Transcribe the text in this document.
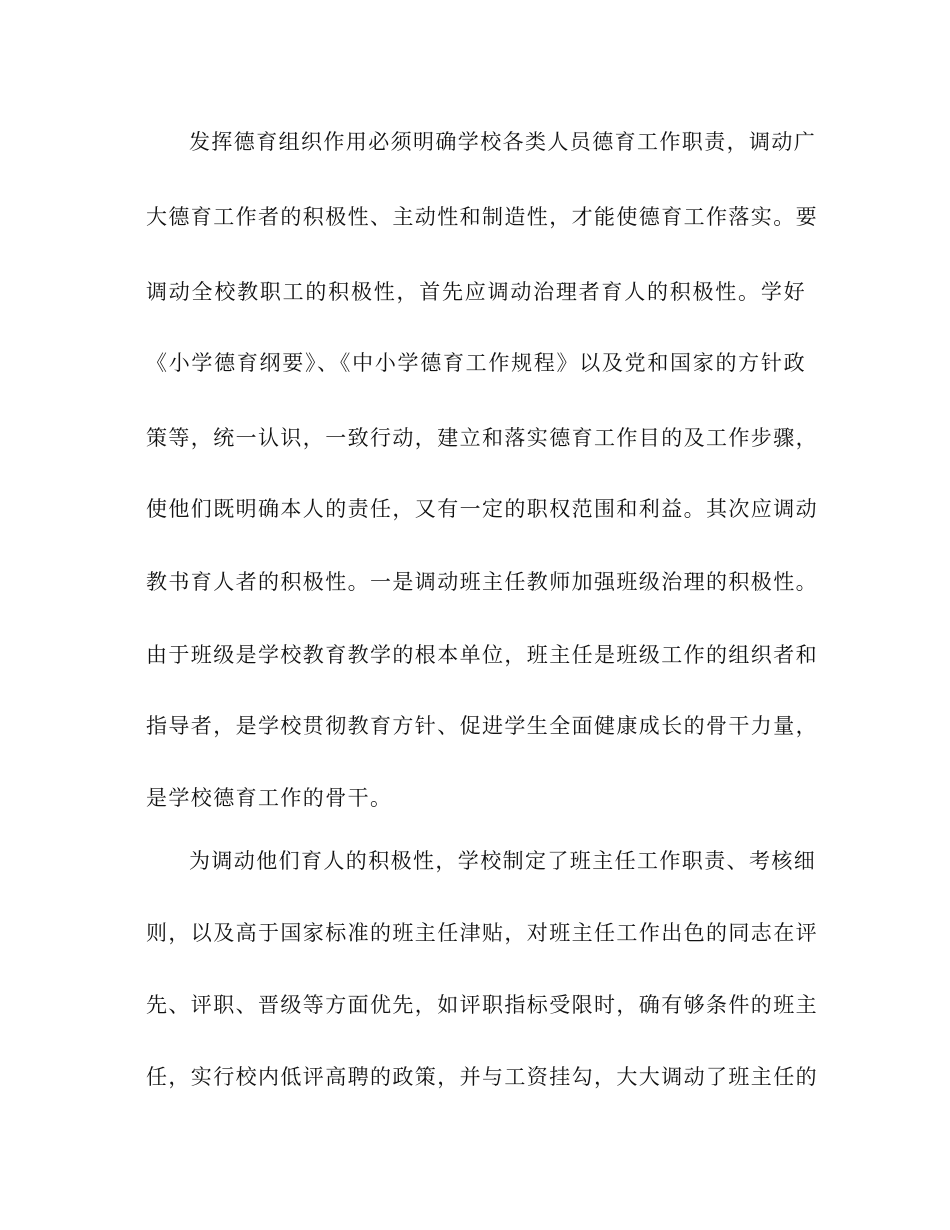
发挥德育组织作用必须明确学校各类人员德育工作职责，调动广

大德育工作者的积极性、主动性和制造性，才能使德育工作落实。要

调动全校教职工的积极性，首先应调动治理者育人的积极性。学好

《小学德育纲要》、《中小学德育工作规程》以及党和国家的方针政

策等，统一认识，一致行动，建立和落实德育工作目的及工作步骤，

使他们既明确本人的责任，又有一定的职权范围和利益。其次应调动

教书育人者的积极性。一是调动班主任教师加强班级治理的积极性。

由于班级是学校教育教学的根本单位，班主任是班级工作的组织者和

指导者，是学校贯彻教育方针、促进学生全面健康成长的骨干力量，

是学校德育工作的骨干。

为调动他们育人的积极性，学校制定了班主任工作职责、考核细

则，以及高于国家标准的班主任津贴，对班主任工作出色的同志在评

先、评职、晋级等方面优先，如评职指标受限时，确有够条件的班主

任，实行校内低评高聘的政策，并与工资挂勾，大大调动了班主任的
